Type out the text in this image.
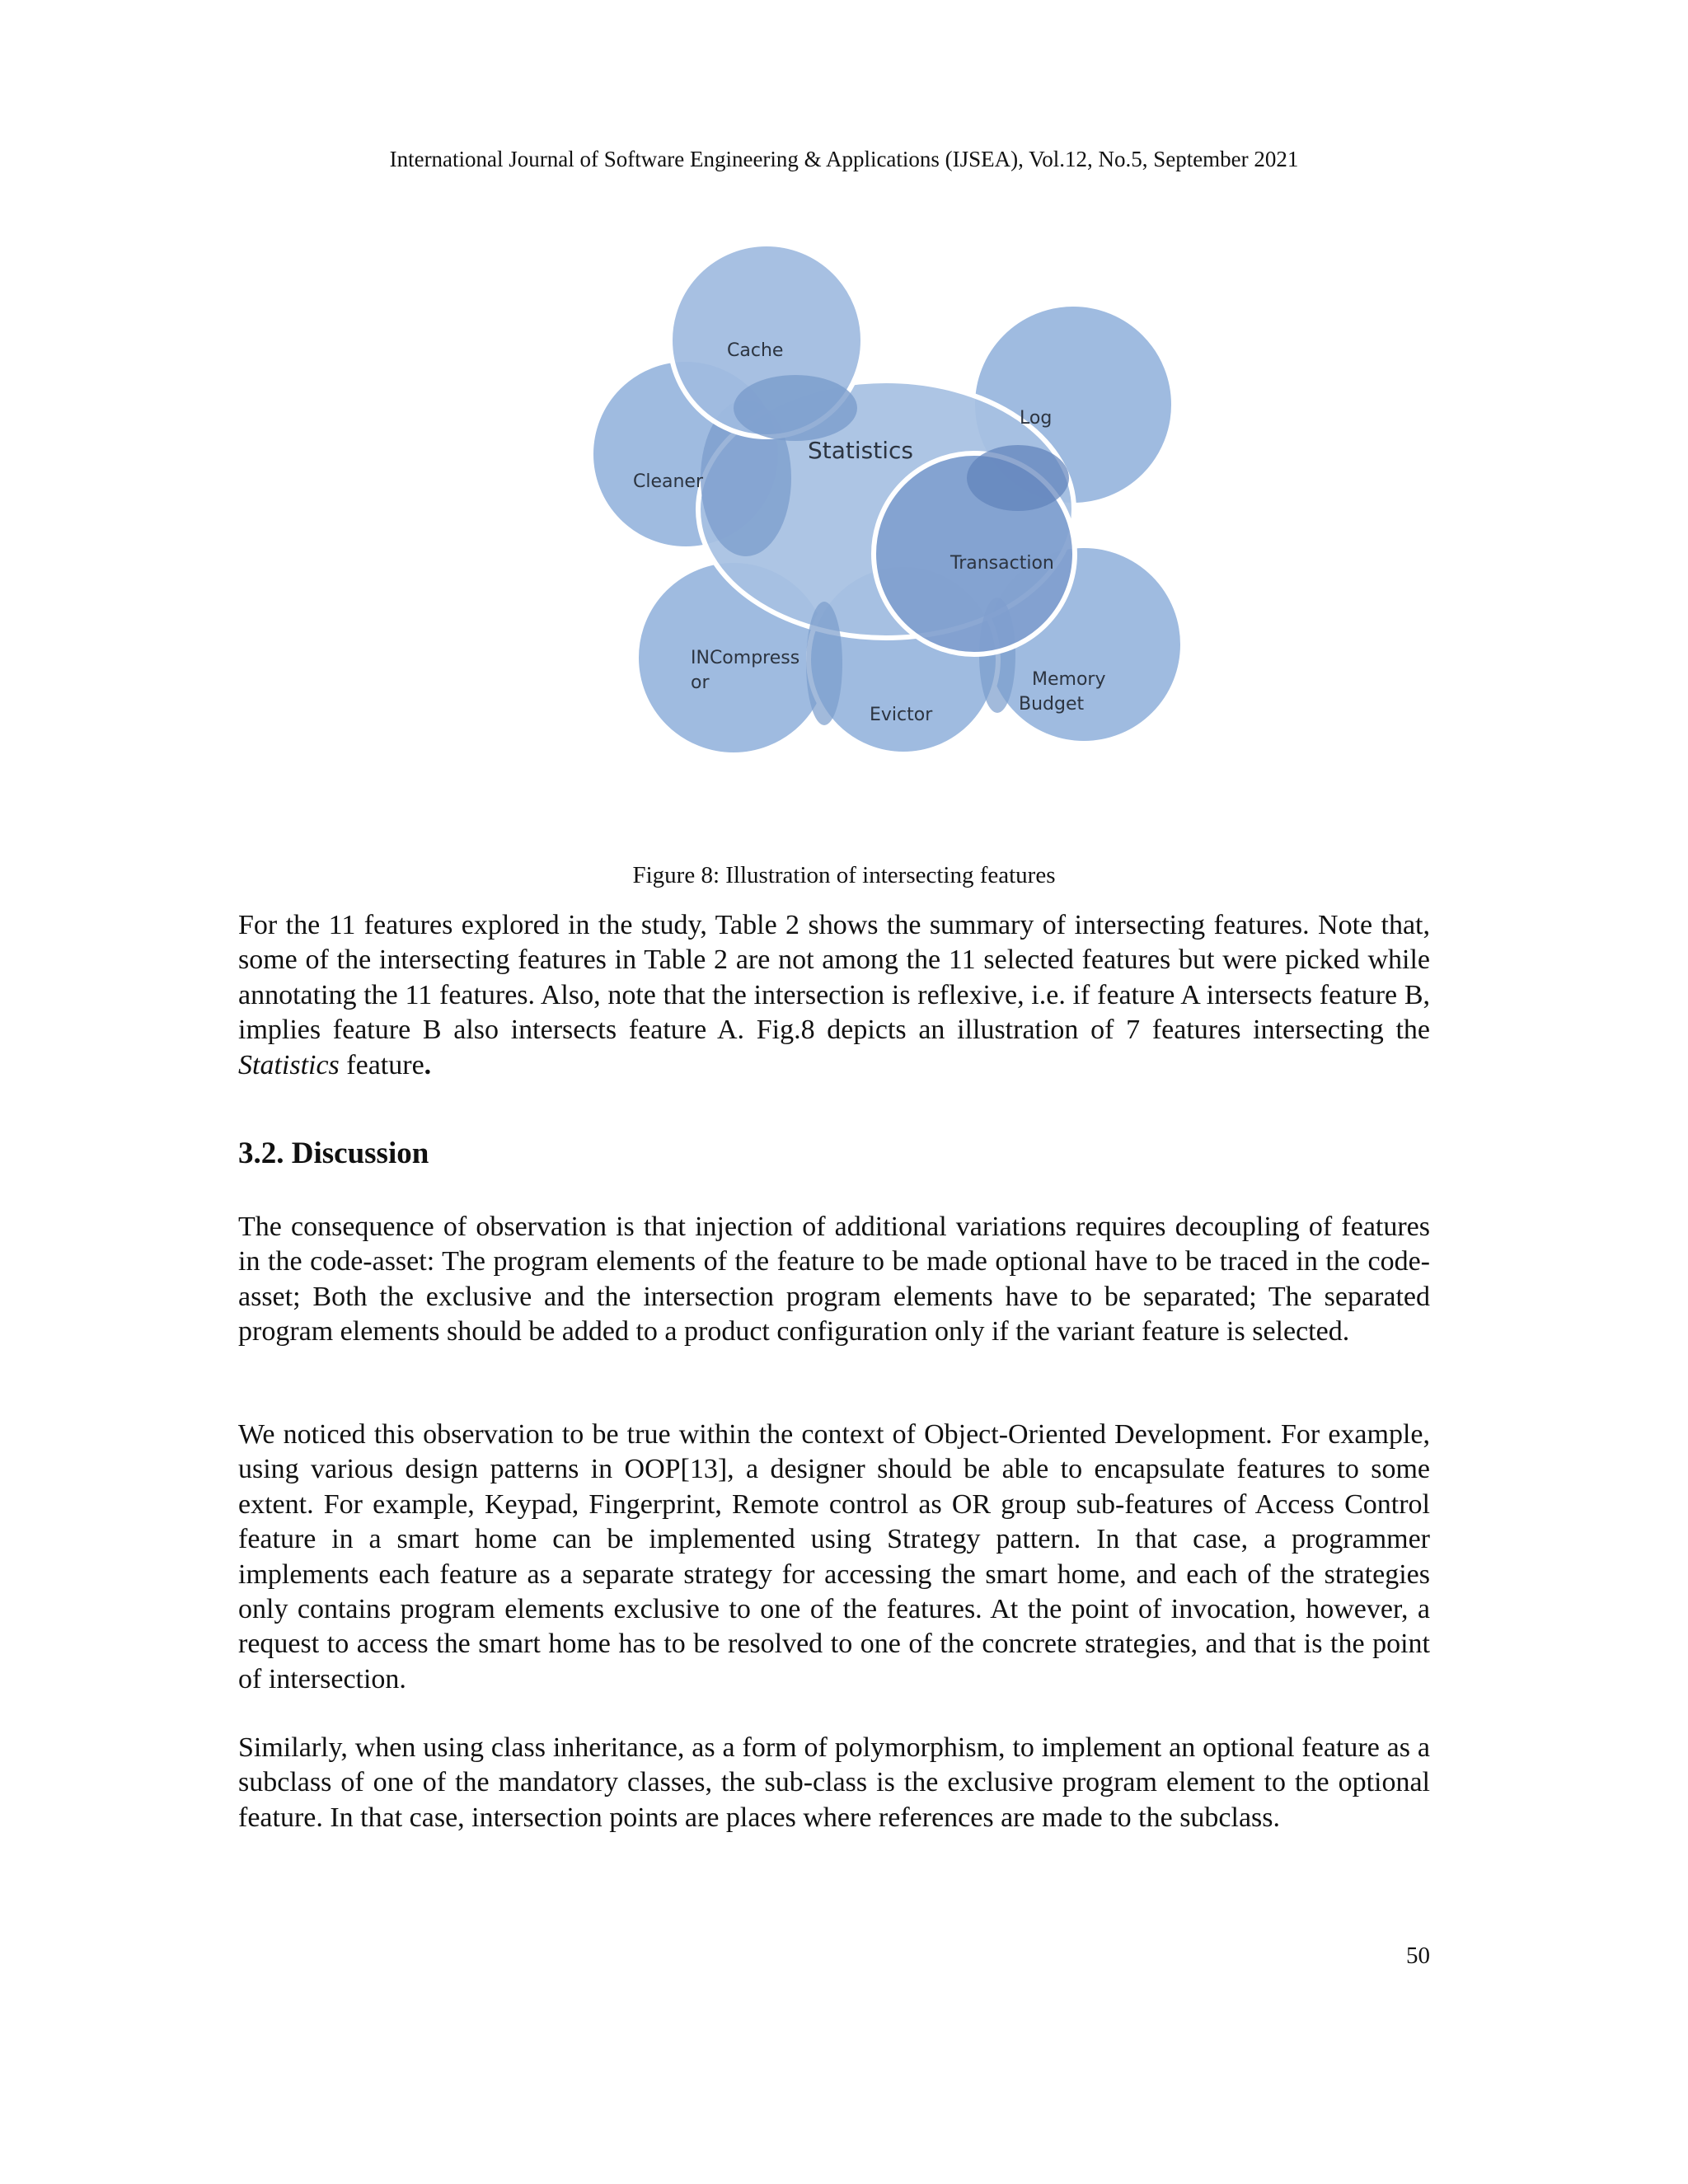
International Journal of Software Engineering & Applications (IJSEA), Vol.12, No.5, September 2021
Cache
Log
Statistics
Cleaner
Transaction
INCompress
or
Evictor
Memory
Budget
Figure 8: Illustration of intersecting features

For the 11 features explored in the study, Table 2 shows the summary of intersecting features. Note that, some of the intersecting features in Table 2 are not among the 11 selected features but were picked while annotating the 11 features. Also, note that the intersection is reflexive, i.e. if feature A intersects feature B, implies feature B also intersects feature A. Fig.8 depicts an illustration of 7 features intersecting the Statistics feature.

3.2. Discussion

The consequence of observation is that injection of additional variations requires decoupling of features in the code-asset: The program elements of the feature to be made optional have to be traced in the code-asset; Both the exclusive and the intersection program elements have to be separated; The separated program elements should be added to a product configuration only if the variant feature is selected.

We noticed this observation to be true within the context of Object-Oriented Development. For example, using various design patterns in OOP[13], a designer should be able to encapsulate features to some extent. For example, Keypad, Fingerprint, Remote control as OR group sub-features of Access Control feature in a smart home can be implemented using Strategy pattern. In that case, a programmer implements each feature as a separate strategy for accessing the smart home, and each of the strategies only contains program elements exclusive to one of the features. At the point of invocation, however, a request to access the smart home has to be resolved to one of the concrete strategies, and that is the point of intersection.

Similarly, when using class inheritance, as a form of polymorphism, to implement an optional feature as a subclass of one of the mandatory classes, the sub-class is the exclusive program element to the optional feature. In that case, intersection points are places where references are made to the subclass.

50
